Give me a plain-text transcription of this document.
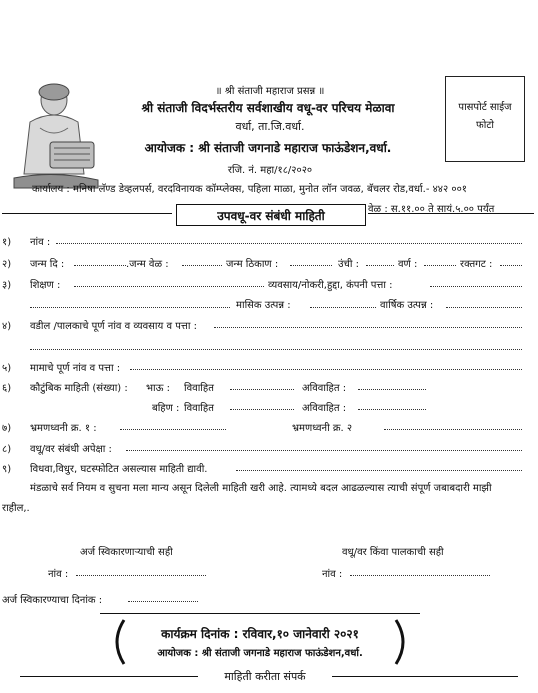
॥ श्री संताजी महाराज प्रसन्न ॥
श्री संताजी विदर्भस्तरीय सर्वशाखीय वधू-वर परिचय मेळावा
वर्धा, ता.जि.वर्धा.
आयोजक : श्री संताजी जगनाडे महाराज फाऊंडेशन,वर्धा.
रजि. नं. महा/१८/२०२०
कार्यालय : मनिषा लॅण्ड डेव्हलपर्स, वरदविनायक कॉम्प्लेक्स, पहिला माळा, मुनोत लॉन जवळ, बॅचलर रोड,वर्धा.- ४४२ ००१
पासपोर्ट साईज
फोटो
उपवधू-वर संबंधी माहिती	वेळ : स.११.०० ते सायं.५.०० पर्यंत
१) नांव :
२) जन्म दि :	.जन्म वेळ :	जन्म ठिकाण :	उंची :	वर्ण :	रक्तगट :
३) शिक्षण :	व्यवसाय/नोकरी,हुद्दा, कंपनी पत्ता :
मासिक उत्पन्न :	वार्षिक उत्पन्न :
४) वडील /पालकाचे पूर्ण नांव व व्यवसाय व पत्ता :
५) मामाचे पूर्ण नांव व पत्ता :
६) कौटुंबिक माहिती (संख्या) : भाऊ : विवाहित	अविवाहित :
बहिण : विवाहित	अविवाहित :
७) भ्रमणध्वनी क्र. १ :	भ्रमणध्वनी क्र. २
८) वधू/वर संबंधी अपेक्षा :
९) विधवा,विधुर, घटस्फोटित असल्यास माहिती द्यावी.
मंडळाचे सर्व नियम व सुचना मला मान्य असून दिलेली माहिती खरी आहे. त्यामध्ये बदल आढळल्यास त्याची संपूर्ण जबाबदारी माझी
राहील,.
अर्ज स्विकारणाऱ्याची सही	वधू/वर किंवा पालकाची सही
नांव :	नांव :
अर्ज स्विकारण्याचा दिनांक :
कार्यक्रम दिनांक : रविवार,१० जानेवारी २०२१
आयोजक : श्री संताजी जगनाडे महाराज फाऊंडेशन,वर्धा.
माहिती करीता संपर्क
